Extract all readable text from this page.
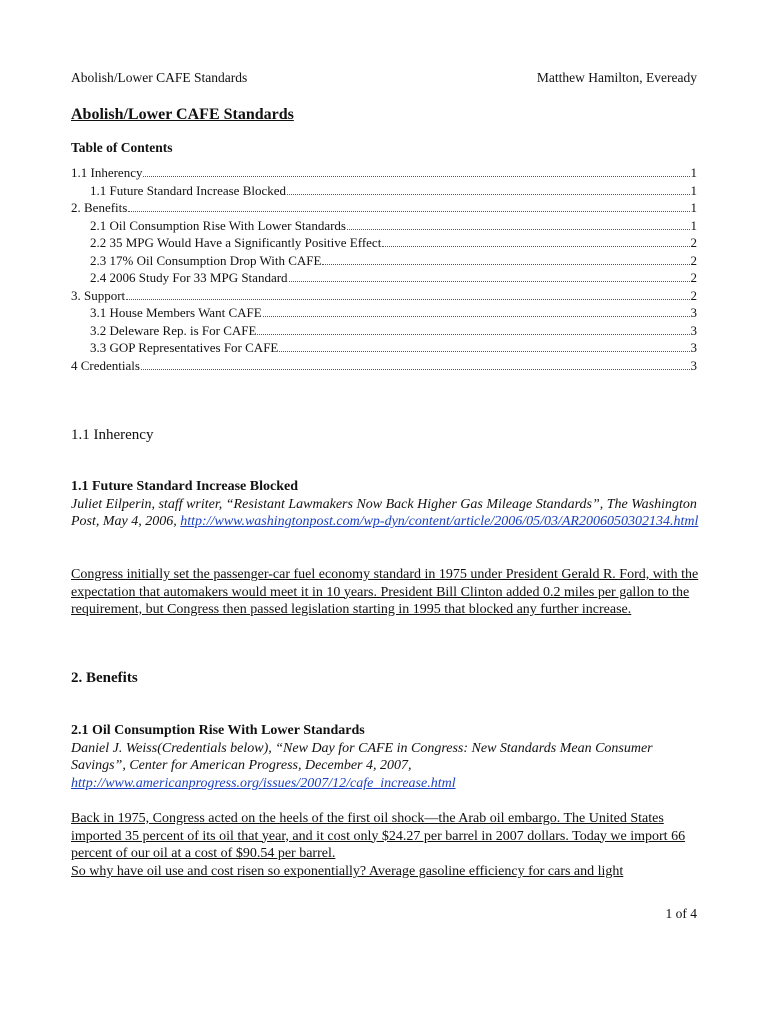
Abolish/Lower CAFE Standards	Matthew Hamilton, Eveready
Abolish/Lower CAFE Standards
Table of Contents
1.1 Inherency	1
1.1 Future Standard Increase Blocked	1
2. Benefits	1
2.1 Oil Consumption Rise With Lower Standards	1
2.2 35 MPG Would Have a Significantly Positive Effect	2
2.3 17% Oil Consumption Drop With CAFE	2
2.4 2006 Study For 33 MPG Standard	2
3. Support	2
3.1 House Members Want CAFE	3
3.2 Deleware Rep. is For CAFE	3
3.3 GOP Representatives For CAFE	3
4 Credentials	3
1.1 Inherency
1.1 Future Standard Increase Blocked
Juliet Eilperin, staff writer, “Resistant Lawmakers Now Back Higher Gas Mileage Standards”, The Washington Post, May 4, 2006, http://www.washingtonpost.com/wp-dyn/content/article/2006/05/03/AR2006050302134.html
Congress initially set the passenger-car fuel economy standard in 1975 under President Gerald R. Ford, with the expectation that automakers would meet it in 10 years. President Bill Clinton added 0.2 miles per gallon to the requirement, but Congress then passed legislation starting in 1995 that blocked any further increase.
2. Benefits
2.1 Oil Consumption Rise With Lower Standards
Daniel J. Weiss(Credentials below), “New Day for CAFE in Congress: New Standards Mean Consumer Savings”, Center for American Progress, December 4, 2007, http://www.americanprogress.org/issues/2007/12/cafe_increase.html
Back in 1975, Congress acted on the heels of the first oil shock—the Arab oil embargo. The United States imported 35 percent of its oil that year, and it cost only $24.27 per barrel in 2007 dollars. Today we import 66 percent of our oil at a cost of $90.54 per barrel.
So why have oil use and cost risen so exponentially? Average gasoline efficiency for cars and light
1 of 4
